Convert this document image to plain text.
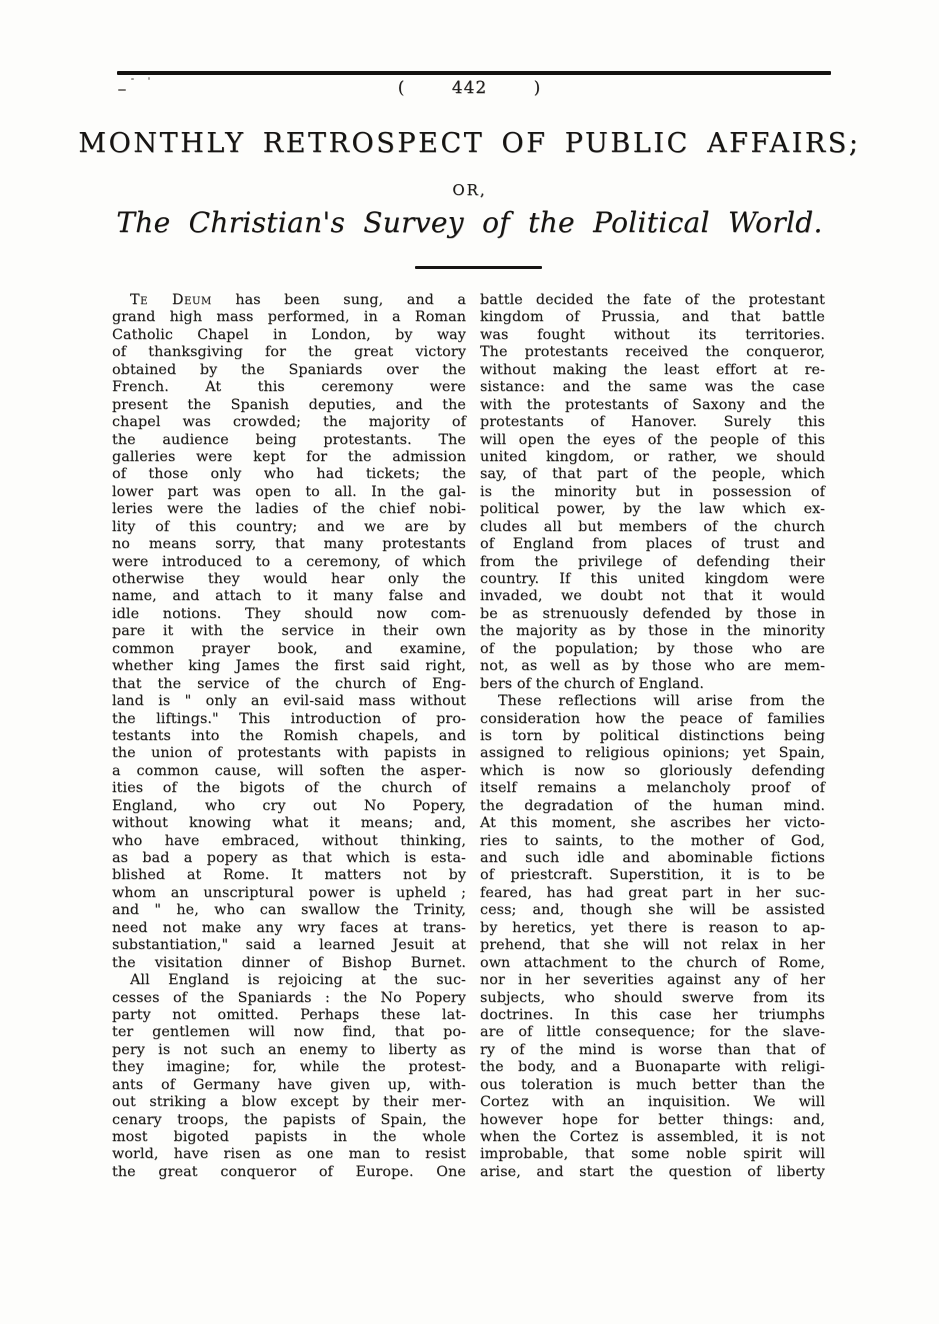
( 442 )
MONTHLY RETROSPECT OF PUBLIC AFFAIRS;
OR,
The Christian's Survey of the Political World.
Te Deum has been sung, and a
grand high mass performed, in a Roman
Catholic Chapel in London, by way
of thanksgiving for the great victory
obtained by the Spaniards over the
French. At this ceremony were
present the Spanish deputies, and the
chapel was crowded; the majority of
the audience being protestants. The
galleries were kept for the admission
of those only who had tickets; the
lower part was open to all. In the gal-
leries were the ladies of the chief nobi-
lity of this country; and we are by
no means sorry, that many protestants
were introduced to a ceremony, of which
otherwise they would hear only the
name, and attach to it many false and
idle notions. They should now com-
pare it with the service in their own
common prayer book, and examine,
whether king James the first said right,
that the service of the church of Eng-
land is " only an evil-said mass without
the liftings." This introduction of pro-
testants into the Romish chapels, and
the union of protestants with papists in
a common cause, will soften the asper-
ities of the bigots of the church of
England, who cry out No Popery,
without knowing what it means; and,
who have embraced, without thinking,
as bad a popery as that which is esta-
blished at Rome. It matters not by
whom an unscriptural power is upheld ;
and " he, who can swallow the Trinity,
need not make any wry faces at trans-
substantiation," said a learned Jesuit at
the visitation dinner of Bishop Burnet.
All England is rejoicing at the suc-
cesses of the Spaniards : the No Popery
party not omitted. Perhaps these lat-
ter gentlemen will now find, that po-
pery is not such an enemy to liberty as
they imagine; for, while the protest-
ants of Germany have given up, with-
out striking a blow except by their mer-
cenary troops, the papists of Spain, the
most bigoted papists in the whole
world, have risen as one man to resist
the great conqueror of Europe. One
battle decided the fate of the protestant
kingdom of Prussia, and that battle
was fought without its territories.
The protestants received the conqueror,
without making the least effort at re-
sistance: and the same was the case
with the protestants of Saxony and the
protestants of Hanover. Surely this
will open the eyes of the people of this
united kingdom, or rather, we should
say, of that part of the people, which
is the minority but in possession of
political power, by the law which ex-
cludes all but members of the church
of England from places of trust and
from the privilege of defending their
country. If this united kingdom were
invaded, we doubt not that it would
be as strenuously defended by those in
the majority as by those in the minority
of the population; by those who are
not, as well as by those who are mem-
bers of the church of England.
These reflections will arise from the
consideration how the peace of families
is torn by political distinctions being
assigned to religious opinions; yet Spain,
which is now so gloriously defending
itself remains a melancholy proof of
the degradation of the human mind.
At this moment, she ascribes her victo-
ries to saints, to the mother of God,
and such idle and abominable fictions
of priestcraft. Superstition, it is to be
feared, has had great part in her suc-
cess; and, though she will be assisted
by heretics, yet there is reason to ap-
prehend, that she will not relax in her
own attachment to the church of Rome,
nor in her severities against any of her
subjects, who should swerve from its
doctrines. In this case her triumphs
are of little consequence; for the slave-
ry of the mind is worse than that of
the body, and a Buonaparte with religi-
ous toleration is much better than the
Cortez with an inquisition. We will
however hope for better things: and,
when the Cortez is assembled, it is not
improbable, that some noble spirit will
arise, and start the question of liberty
